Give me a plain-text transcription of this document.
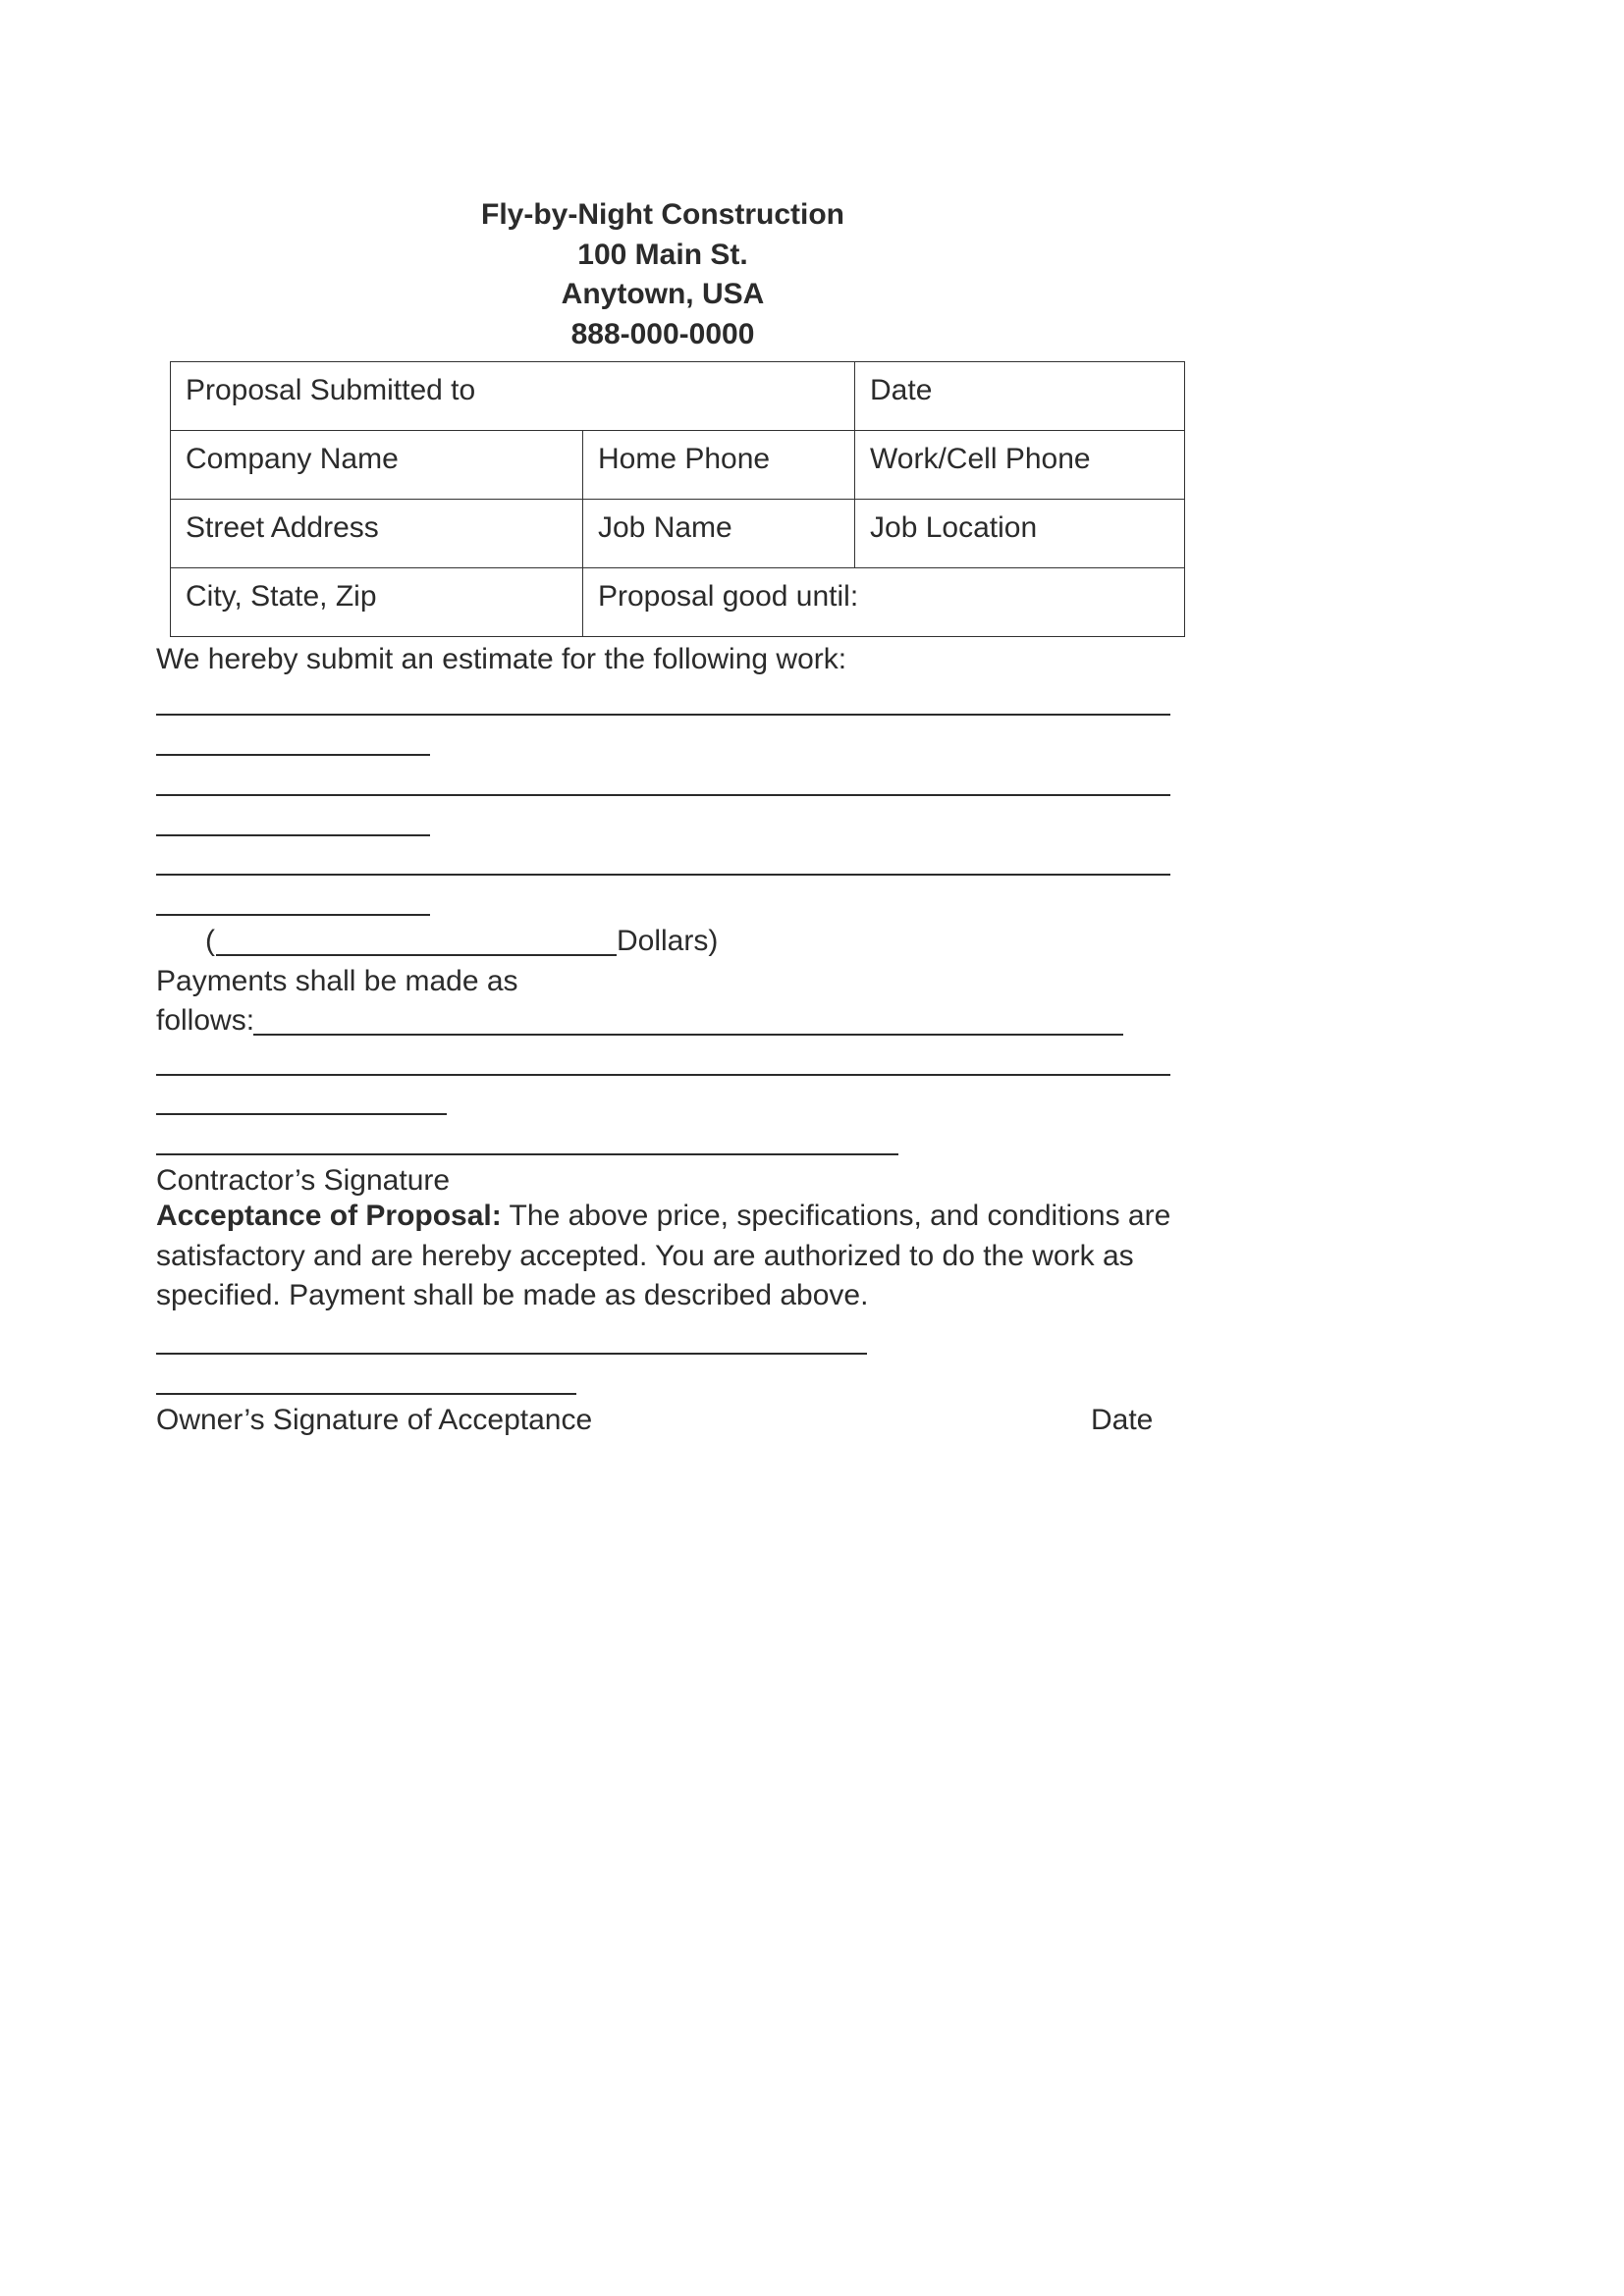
Fly-by-Night Construction
100 Main St.
Anytown, USA
888-000-0000
Proposal Submitted to		Date
Company Name	Home Phone	Work/Cell Phone
Street Address	Job Name	Job Location
City, State, Zip	Proposal good until:	
We hereby submit an estimate for the following work:
(	Dollars)
Payments shall be made as
follows:
Contractor’s Signature
Acceptance of Proposal: The above price, specifications, and conditions are satisfactory and are hereby accepted. You are authorized to do the work as specified. Payment shall be made as described above.
Owner’s Signature of Acceptance	Date
